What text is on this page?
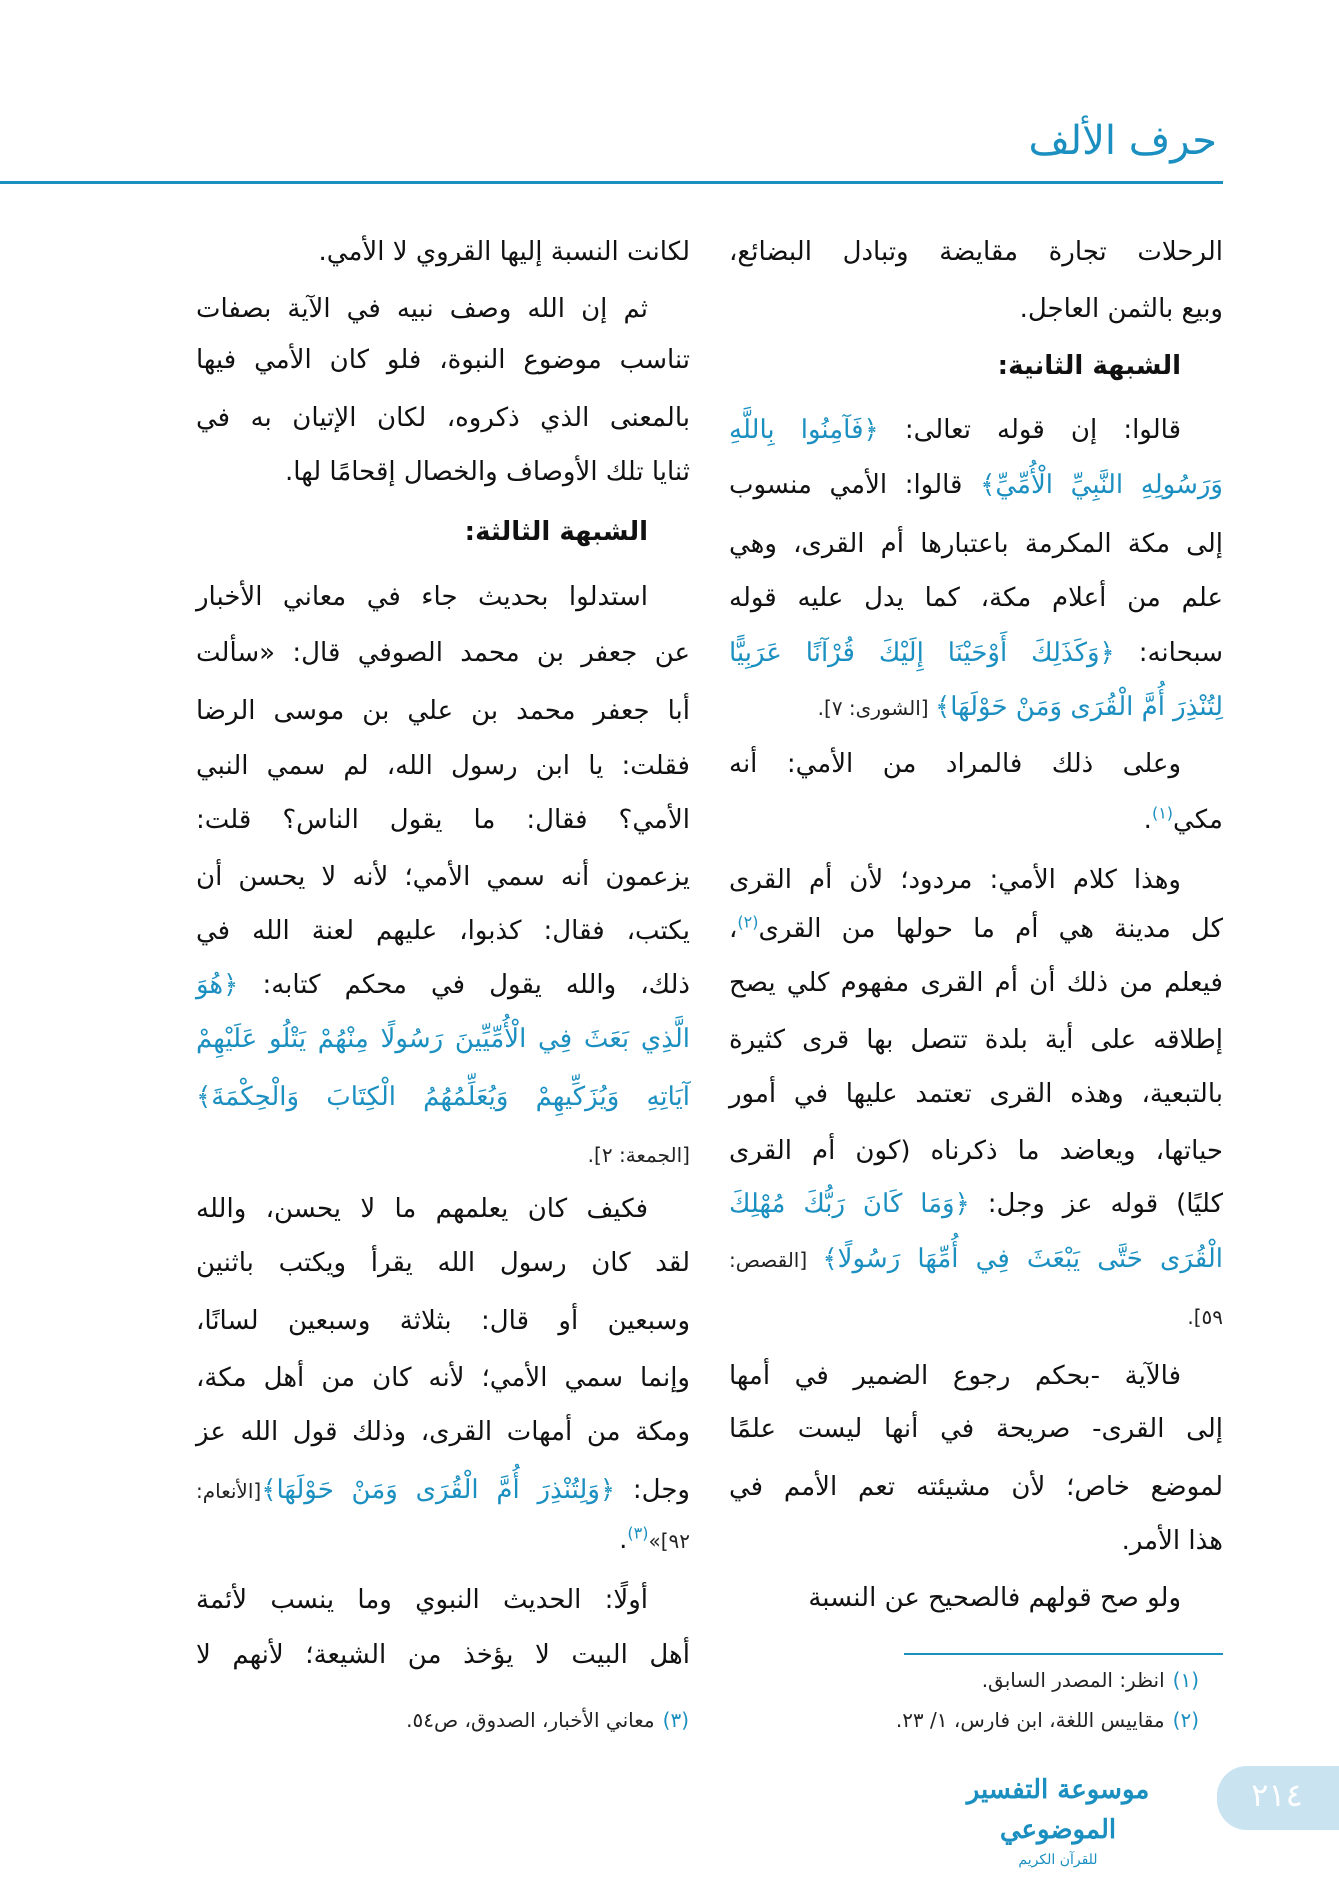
حرف الألف
الرحلات تجارة مقايضة وتبادل البضائع،
وبيع بالثمن العاجل.
الشبهة الثانية:
قالوا: إن قوله تعالى: ﴿فَآمِنُوا بِاللَّهِ
وَرَسُولِهِ النَّبِيِّ الْأُمِّيِّ﴾ قالوا: الأمي منسوب
إلى مكة المكرمة باعتبارها أم القرى، وهي
علم من أعلام مكة، كما يدل عليه قوله
سبحانه: ﴿وَكَذَلِكَ أَوْحَيْنَا إِلَيْكَ قُرْآنًا عَرَبِيًّا
لِتُنْذِرَ أُمَّ الْقُرَى وَمَنْ حَوْلَهَا﴾ [الشورى: ٧].
وعلى ذلك فالمراد من الأمي: أنه
مكي$^{(١)}$.
وهذا كلام الأمي: مردود؛ لأن أم القرى
كل مدينة هي أم ما حولها من القرى$^{(٢)}$،
فيعلم من ذلك أن أم القرى مفهوم كلي يصح
إطلاقه على أية بلدة تتصل بها قرى كثيرة
بالتبعية، وهذه القرى تعتمد عليها في أمور
حياتها، ويعاضد ما ذكرناه (كون أم القرى
كليًا) قوله عز وجل: ﴿وَمَا كَانَ رَبُّكَ مُهْلِكَ
الْقُرَى حَتَّى يَبْعَثَ فِي أُمِّهَا رَسُولًا﴾ [القصص:
٥٩].
فالآية -بحكم رجوع الضمير في أمها
إلى القرى- صريحة في أنها ليست علمًا
لموضع خاص؛ لأن مشيئته تعم الأمم في
هذا الأمر.
ولو صح قولهم فالصحيح عن النسبة
لكانت النسبة إليها القروي لا الأمي.
ثم إن الله وصف نبيه في الآية بصفات
تناسب موضوع النبوة، فلو كان الأمي فيها
بالمعنى الذي ذكروه، لكان الإتيان به في
ثنايا تلك الأوصاف والخصال إقحامًا لها.
الشبهة الثالثة:
استدلوا بحديث جاء في معاني الأخبار
عن جعفر بن محمد الصوفي قال: «سألت
أبا جعفر محمد بن علي بن موسى الرضا
فقلت: يا ابن رسول الله، لم سمي النبي
الأمي؟ فقال: ما يقول الناس؟ قلت:
يزعمون أنه سمي الأمي؛ لأنه لا يحسن أن
يكتب، فقال: كذبوا، عليهم لعنة الله في
ذلك، والله يقول في محكم كتابه: ﴿هُوَ
الَّذِي بَعَثَ فِي الْأُمِّيِّينَ رَسُولًا مِنْهُمْ يَتْلُو عَلَيْهِمْ
آيَاتِهِ وَيُزَكِّيهِمْ وَيُعَلِّمُهُمُ الْكِتَابَ وَالْحِكْمَةَ﴾
[الجمعة: ٢].
فكيف كان يعلمهم ما لا يحسن، والله
لقد كان رسول الله يقرأ ويكتب باثنين
وسبعين أو قال: بثلاثة وسبعين لسانًا،
وإنما سمي الأمي؛ لأنه كان من أهل مكة،
ومكة من أمهات القرى، وذلك قول الله عز
وجل: ﴿وَلِتُنْذِرَ أُمَّ الْقُرَى وَمَنْ حَوْلَهَا﴾[الأنعام:
٩٢]»$^{(٣)}$.
أولًا: الحديث النبوي وما ينسب لأئمة
أهل البيت لا يؤخذ من الشيعة؛ لأنهم لا
(١)انظر: المصدر السابق.
(٢)مقاييس اللغة، ابن فارس، ١/ ٢٣.
(٣)معاني الأخبار، الصدوق، ص٥٤.
موسوعة التفسير الموضوعي
للقرآن الكريم
٢١٤
